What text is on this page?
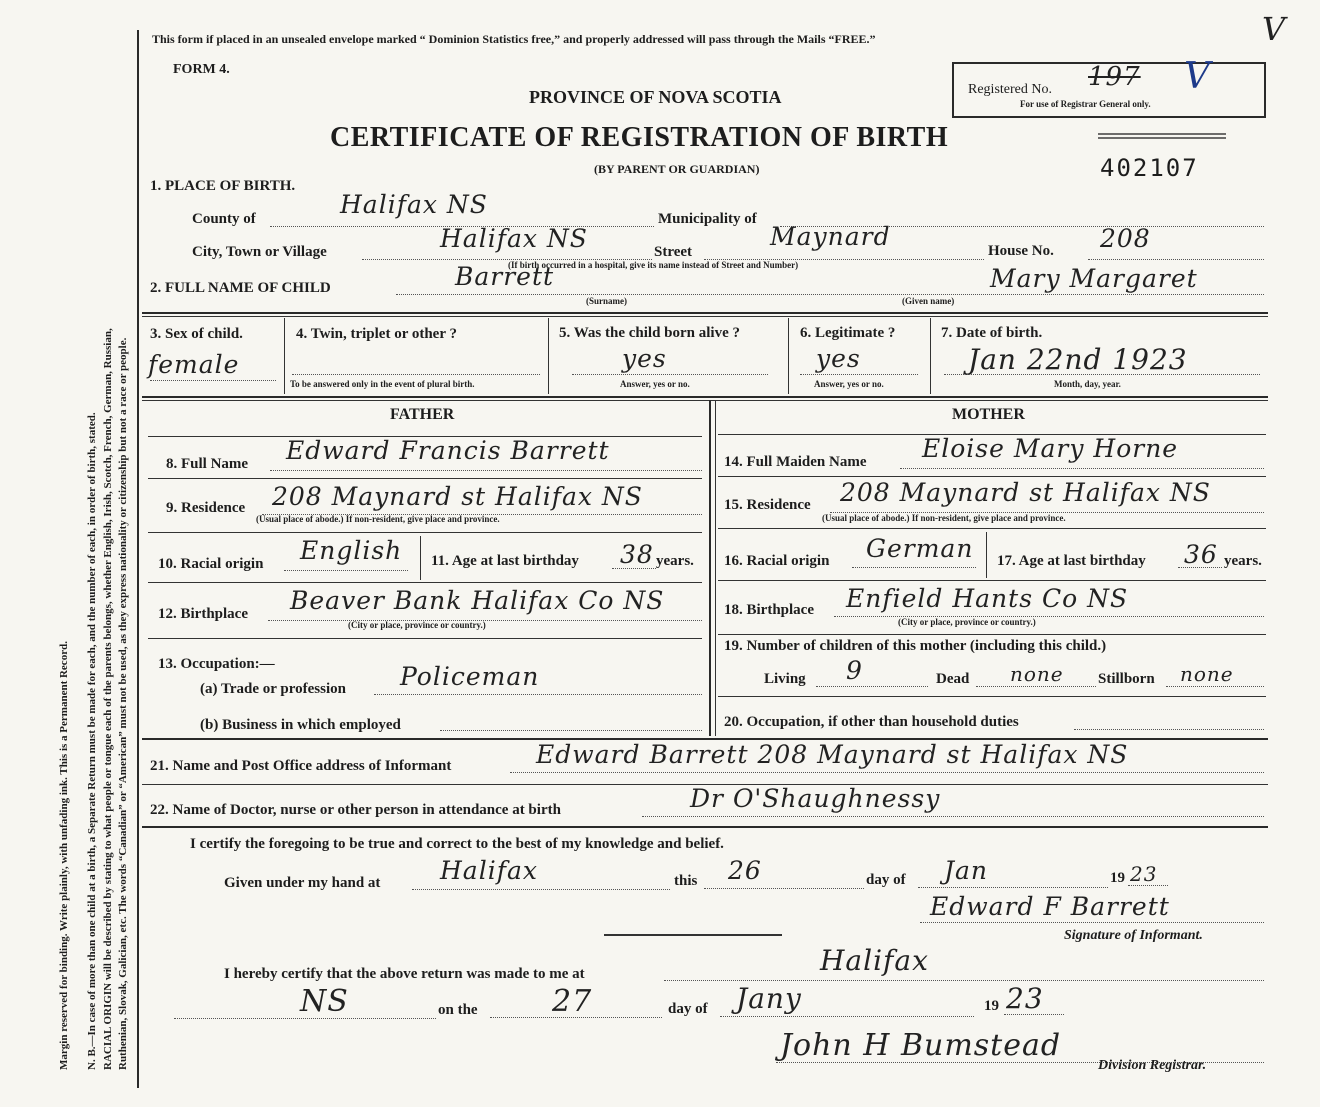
Margin reserved for binding. Write plainly, with unfading ink. This is a Permanent Record. N. B.—In case of more than one child at a birth, a Separate Return must be made for each, and the number of each, in order of birth, stated. RACIAL ORIGIN will be described by stating to what people or tongue each of the parents belongs, whether English, Irish, Scotch, French, German, Russian, Ruthenian, Slovak, Galician, etc. The words “Canadian” or “American” must not be used, as they express nationality or citizenship but not a race or people.
This form if placed in an unsealed envelope marked “ Dominion Statistics free,” and properly addressed will pass through the Mails “FREE.”	V
FORM 4.
PROVINCE OF NOVA SCOTIA
CERTIFICATE OF REGISTRATION OF BIRTH
(BY PARENT OR GUARDIAN)
Registered No. 197 V
For use of Registrar General only.
402107
1. PLACE OF BIRTH.
County of	Halifax NS	Municipality of
City, Town or Village	Halifax NS	Street
Maynard	House No. 208
(If birth occurred in a hospital, give its name instead of Street and Number)
2. FULL NAME OF CHILD	Barrett
(Surname)
Mary Margaret
(Given name)
3. Sex of child.
female
4. Twin, triplet or other ?
To be answered only in the event of plural birth.
5. Was the child born alive ?
yes
Answer, yes or no.
6. Legitimate ?
yes
Answer, yes or no.
7. Date of birth.
Jan 22nd 1923
Month, day, year.
FATHER
8. Full Name Edward Francis Barrett
9. Residence 208 Maynard st Halifax NS
(Usual place of abode.) If non-resident, give place and province.
10. Racial origin English 11. Age at last birthday 38 years.
12. Birthplace Beaver Bank Halifax Co NS
(City or place, province or country.)
13. Occupation:—
(a) Trade or profession Policeman
(b) Business in which employed
MOTHER
14. Full Maiden Name Eloise Mary Horne
15. Residence 208 Maynard st Halifax NS
(Usual place of abode.) If non-resident, give place and province.
16. Racial origin German 17. Age at last birthday 36 years.
18. Birthplace Enfield Hants Co NS
(City or place, province or country.)
19. Number of children of this mother (including this child.)
Living 9	Dead none Stillborn none
20. Occupation, if other than household duties
21. Name and Post Office address of Informant	Edward Barrett 208 Maynard st Halifax NS
22. Name of Doctor, nurse or other person in attendance at birth	Dr O'Shaughnessy
I certify the foregoing to be true and correct to the best of my knowledge and belief.
Given under my hand at Halifax	this 26	day of Jan	19 23
Edward F Barrett
Signature of Informant.
I hereby certify that the above return was made to me at	Halifax
NS	on the 27	day of Jany	19 23
John H Bumstead
Division Registrar.
